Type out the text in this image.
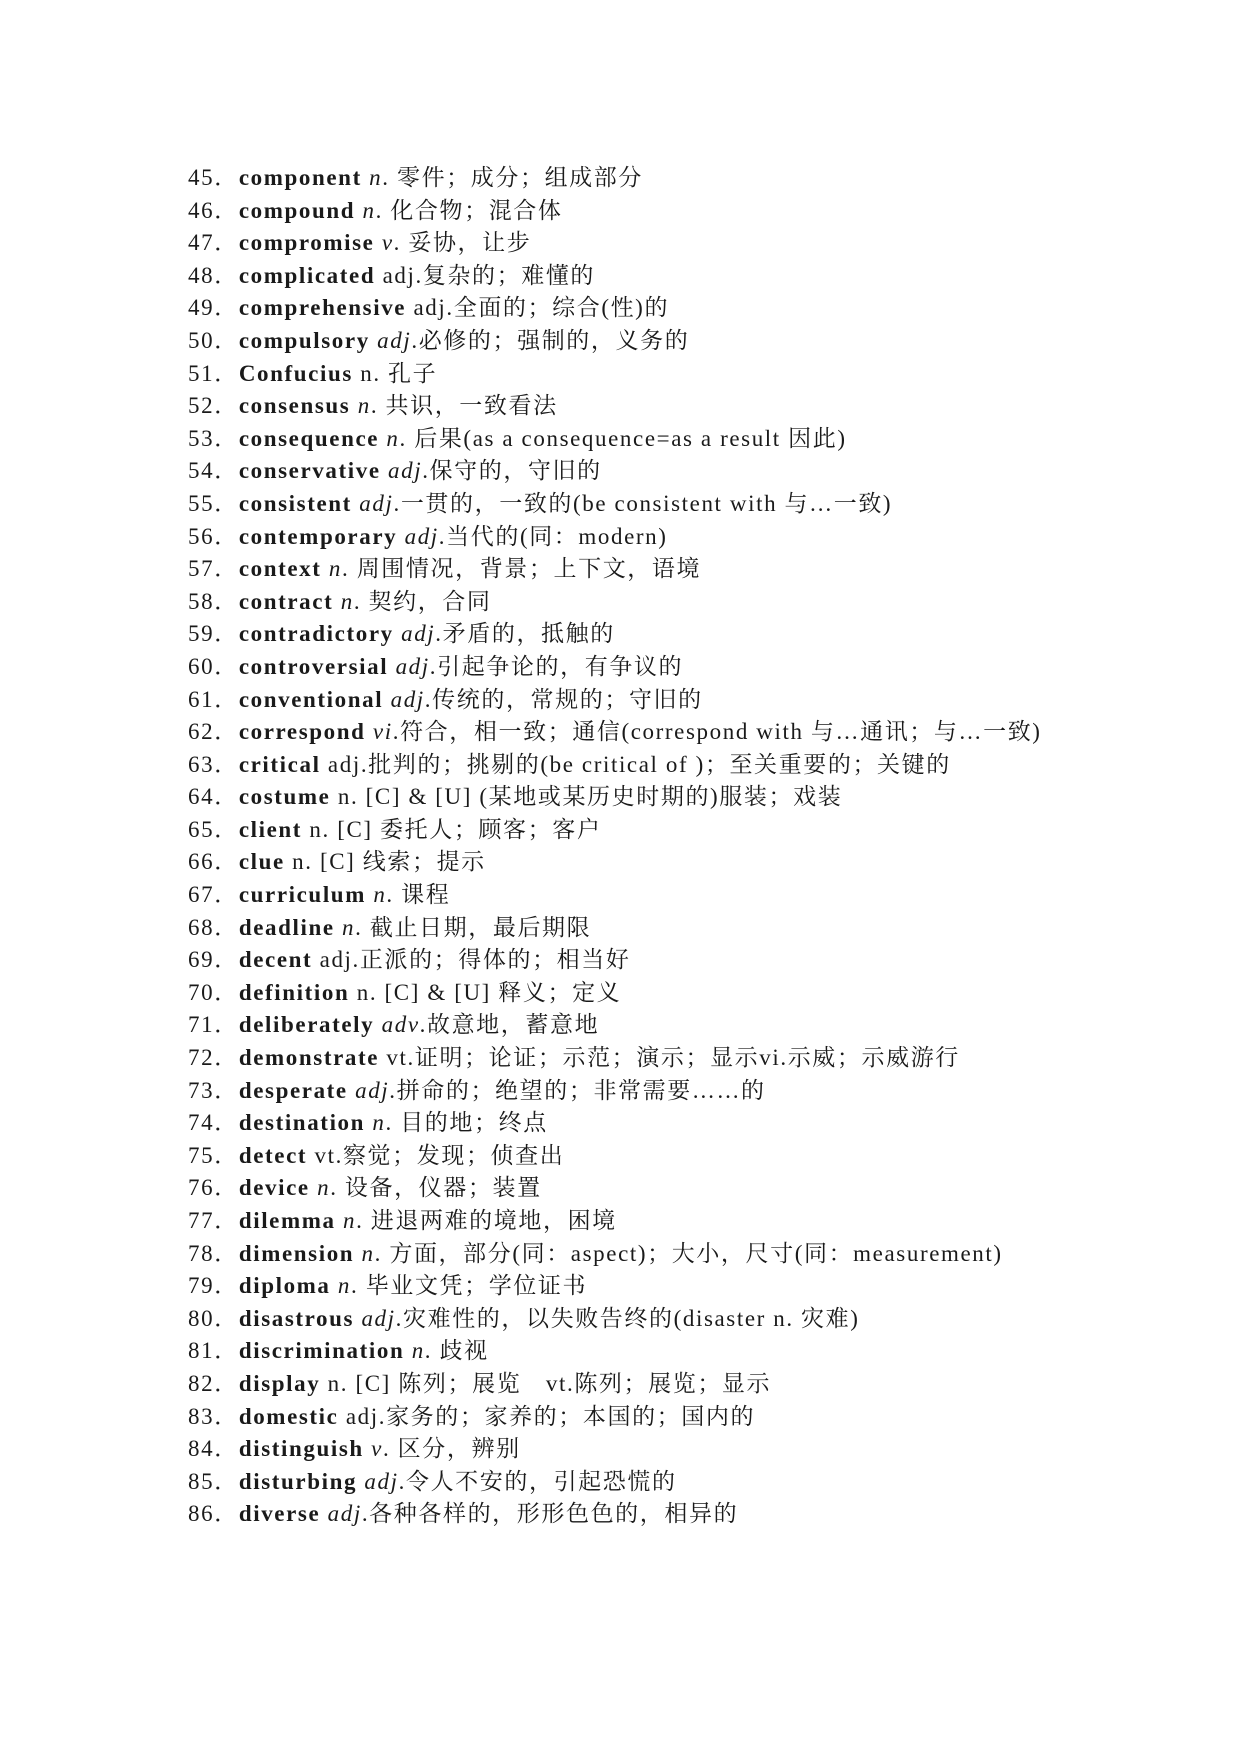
45．component n. 零件；成分；组成部分

46．compound n. 化合物；混合体

47．compromise v. 妥协，让步

48．complicated adj.复杂的；难懂的

49．comprehensive adj.全面的；综合(性)的

50．compulsory adj.必修的；强制的，义务的

51．Confucius n. 孔子

52．consensus n. 共识，一致看法

53．consequence n. 后果(as a consequence=as a result 因此)

54．conservative adj.保守的，守旧的

55．consistent adj.一贯的，一致的(be consistent with 与…一致)

56．contemporary adj.当代的(同：modern)

57．context n. 周围情况，背景；上下文，语境

58．contract n. 契约，合同

59．contradictory adj.矛盾的，抵触的

60．controversial adj.引起争论的，有争议的

61．conventional adj.传统的，常规的；守旧的

62．correspond vi.符合，相一致；通信(correspond with 与…通讯；与…一致)

63．critical adj.批判的；挑剔的(be critical of )；至关重要的；关键的

64．costume n. [C] & [U] (某地或某历史时期的)服装；戏装

65．client n. [C] 委托人；顾客；客户

66．clue n. [C] 线索；提示

67．curriculum n. 课程

68．deadline n. 截止日期，最后期限

69．decent adj.正派的；得体的；相当好

70．definition n. [C] & [U] 释义；定义

71．deliberately adv.故意地，蓄意地

72．demonstrate vt.证明；论证；示范；演示；显示vi.示威；示威游行

73．desperate adj.拼命的；绝望的；非常需要……的

74．destination n. 目的地；终点

75．detect vt.察觉；发现；侦查出

76．device n. 设备，仪器；装置

77．dilemma n. 进退两难的境地，困境

78．dimension n. 方面，部分(同：aspect)；大小，尺寸(同：measurement)

79．diploma n. 毕业文凭；学位证书

80．disastrous adj.灾难性的，以失败告终的(disaster n. 灾难)

81．discrimination n. 歧视

82．display n. [C] 陈列；展览　vt.陈列；展览；显示

83．domestic adj.家务的；家养的；本国的；国内的

84．distinguish v. 区分，辨别

85．disturbing adj.令人不安的，引起恐慌的

86．diverse adj.各种各样的，形形色色的，相异的
